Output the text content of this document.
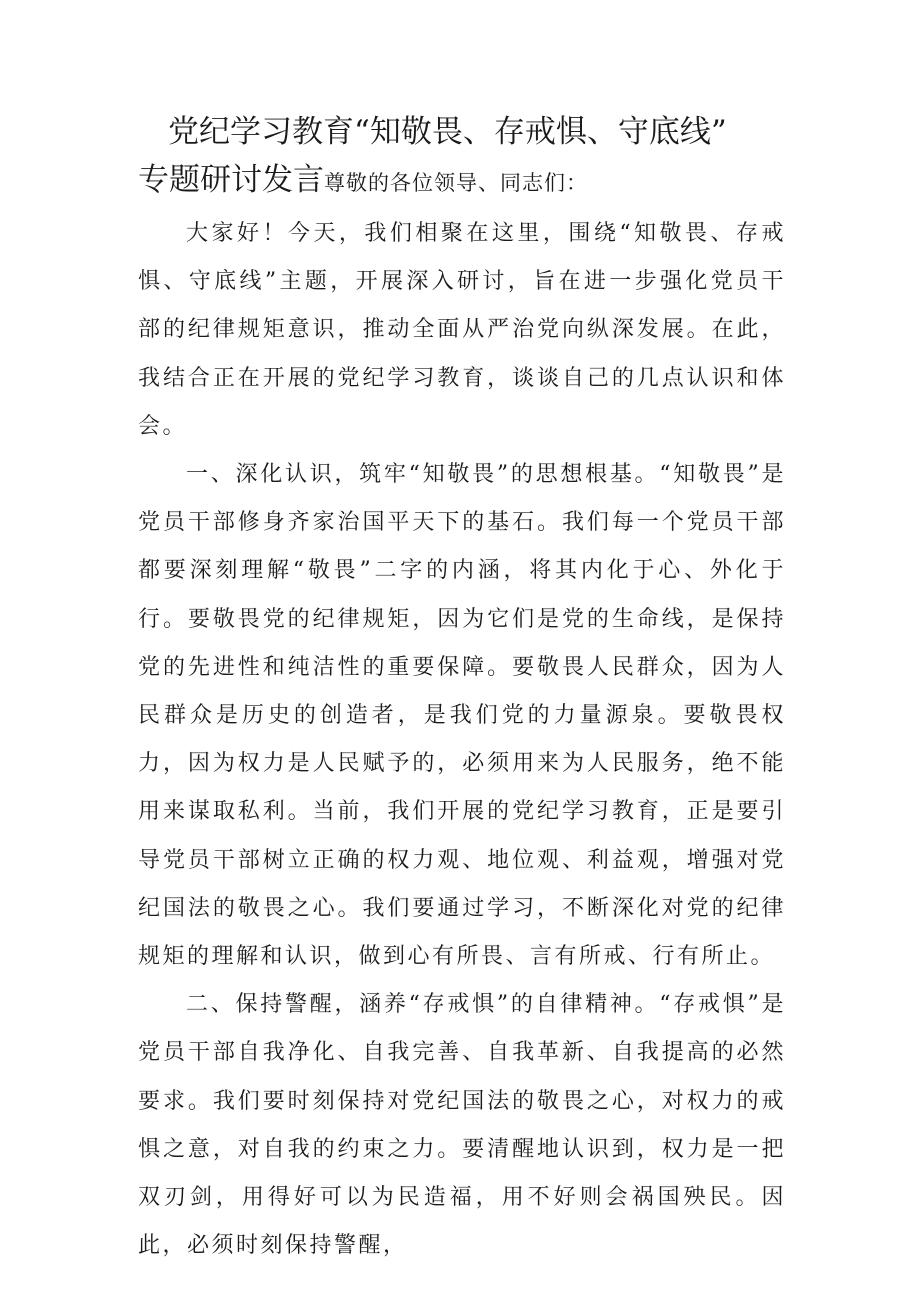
党纪学习教育“知敬畏、存戒惧、守底线”
专题研讨发言尊敬的各位领导、同志们：

大家好！今天，我们相聚在这里，围绕“知敬畏、存戒惧、守底线”主题，开展深入研讨，旨在进一步强化党员干部的纪律规矩意识，推动全面从严治党向纵深发展。在此，我结合正在开展的党纪学习教育，谈谈自己的几点认识和体会。

一、深化认识，筑牢“知敬畏”的思想根基。“知敬畏”是党员干部修身齐家治国平天下的基石。我们每一个党员干部都要深刻理解“敬畏”二字的内涵，将其内化于心、外化于行。要敬畏党的纪律规矩，因为它们是党的生命线，是保持党的先进性和纯洁性的重要保障。要敬畏人民群众，因为人民群众是历史的创造者，是我们党的力量源泉。要敬畏权力，因为权力是人民赋予的，必须用来为人民服务，绝不能用来谋取私利。当前，我们开展的党纪学习教育，正是要引导党员干部树立正确的权力观、地位观、利益观，增强对党纪国法的敬畏之心。我们要通过学习，不断深化对党的纪律规矩的理解和认识，做到心有所畏、言有所戒、行有所止。

二、保持警醒，涵养“存戒惧”的自律精神。“存戒惧”是党员干部自我净化、自我完善、自我革新、自我提高的必然要求。我们要时刻保持对党纪国法的敬畏之心，对权力的戒惧之意，对自我的约束之力。要清醒地认识到，权力是一把双刃剑，用得好可以为民造福，用不好则会祸国殃民。因此，必须时刻保持警醒，
